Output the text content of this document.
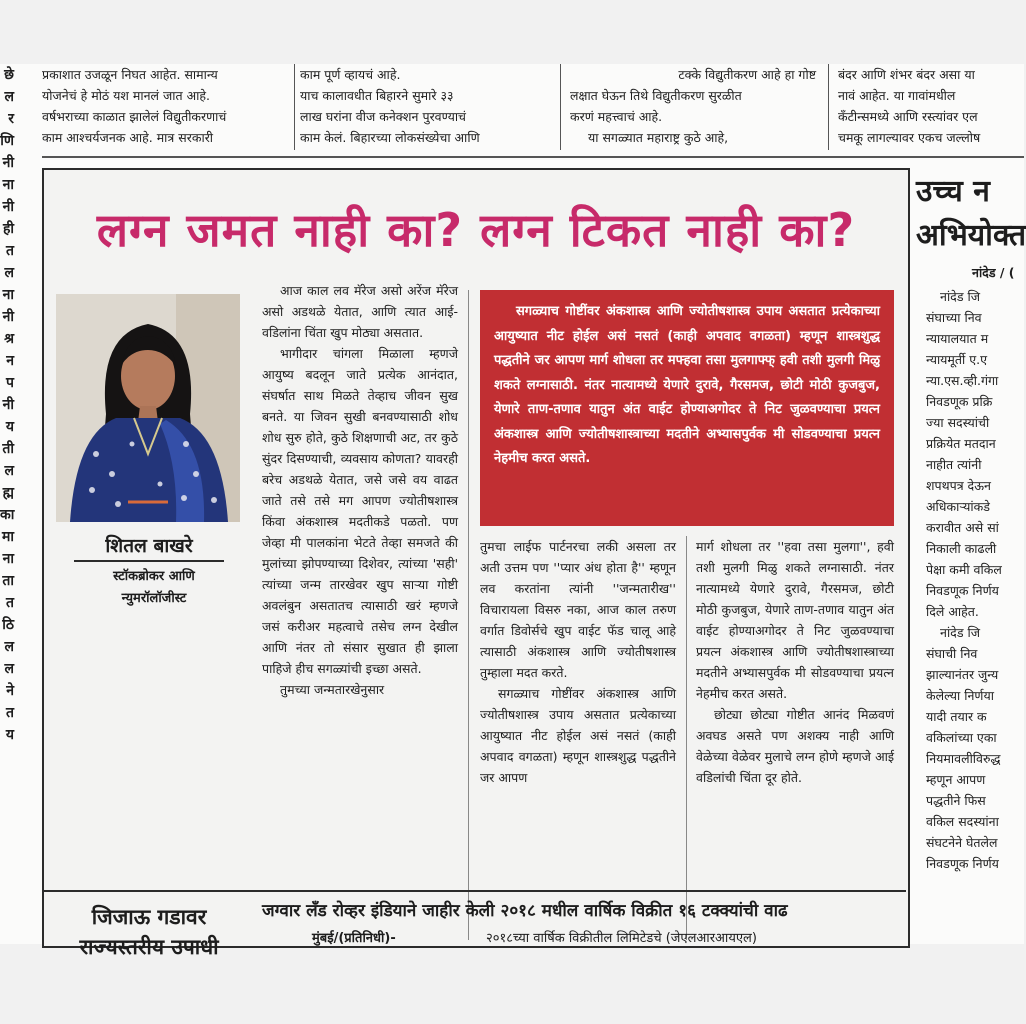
छे
ल
र
णि
नी
ना
नी
ही
त
ल
ना
नी
श्र
न
प
नी
य
ती
ल
ह्म
का
मा
ना
ता
त
ठि
ल
ल
ने
त
य
प्रकाशात उजळून निघत आहेत. सामान्य
योजनेचं हे मोठं यश मानलं जात आहे.
वर्षभराच्या काळात झालेलं विद्युतीकरणाचं
काम आश्चर्यजनक आहे. मात्र सरकारी
काम पूर्ण व्हायचं आहे.
याच कालावधीत बिहारने सुमारे ३३
लाख घरांना वीज कनेक्शन पुरवण्याचं
काम केलं. बिहारच्या लोकसंख्येचा आणि
टक्के विद्युतीकरण आहे हा गोष्ट
लक्षात घेऊन तिथे विद्युतीकरण सुरळीत
करणं महत्त्वाचं आहे.
या सगळ्यात महाराष्ट्र कुठे आहे,
बंदर आणि शंभर बंदर असा या
नावं आहेत. या गावांमधील
कँटीन्समध्ये आणि रस्त्यांवर एल
चमकू लागल्यावर एकच जल्लोष
लग्न जमत नाही का? लग्न टिकत नाही का?
शितल बाखरे
स्टॉकब्रोकर आणि
न्युमरॉलॉजीस्ट

आज काल लव मॅरेज असो अरेंज मॅरेज असो अडथळे येतात, आणि त्यात आई-वडिलांना चिंता खुप मोठ्या असतात.

भागीदार चांगला मिळाला म्हणजे आयुष्य बदलून जाते प्रत्येक आनंदात, संघर्षात साथ मिळते तेव्हाच जीवन सुख बनते. या जिवन सुखी बनवण्यासाठी शोध शोध सुरु होते, कुठे शिक्षणाची अट, तर कुठे सुंदर दिसण्याची, व्यवसाय कोणता? यावरही बरेच अडथळे येतात, जसे जसे वय वाढत जाते तसे तसे मग आपण ज्योतीषशास्त्र किंवा अंकशास्त्र मदतीकडे पळतो. पण जेव्हा मी पालकांना भेटते तेव्हा समजते की मुलांच्या झोपण्याच्या दिशेवर, त्यांच्या 'सही' त्यांच्या जन्म तारखेवर खुप साऱ्या गोष्टी अवलंबुन असतातच त्यासाठी खरं म्हणजे जसं करीअर महत्वाचे तसेच लग्न देखील आणि नंतर तो संसार सुखात ही झाला पाहिजे हीच सगळ्यांची इच्छा असते.

तुमच्या जन्मतारखेनुसार

सगळ्याच गोष्टींवर अंकशास्त्र आणि ज्योतीषशास्त्र उपाय असतात प्रत्येकाच्या आयुष्यात नीट होईल असं नसतं (काही अपवाद वगळता) म्हणून शास्त्रशुद्ध पद्धतीने जर आपण मार्ग शोधला तर मफ्हवा तसा मुलगाफ्फ् हवी तशी मुलगी मिळु शकते लग्नासाठी. नंतर नात्यामध्ये येणारे दुरावे, गैरसमज, छोटी मोठी कुजबुज, येणारे ताण-तणाव यातुन अंत वाईट होण्याअगोदर ते निट जुळवण्याचा प्रयत्न अंकशास्त्र आणि ज्योतीषशास्त्राच्या मदतीने अभ्यासपुर्वक मी सोडवण्याचा प्रयत्न नेहमीच करत असते.

तुमचा लाईफ पार्टनरचा लकी असला तर अती उत्तम पण ''प्यार अंध होता है'' म्हणून लव करतांना त्यांनी ''जन्मतारीख'' विचारायला विसरु नका, आज काल तरुण वर्गात डिवोर्सचे खुप वाईट फॅड चालू आहे त्यासाठी अंकशास्त्र आणि ज्योतीषशास्त्र तुम्हाला मदत करते.

सगळ्याच गोष्टींवर अंकशास्त्र आणि ज्योतीषशास्त्र उपाय असतात प्रत्येकाच्या आयुष्यात नीट होईल असं नसतं (काही अपवाद वगळता) म्हणून शास्त्रशुद्ध पद्धतीने जर आपण

मार्ग शोधला तर ''हवा तसा मुलगा'', हवी तशी मुलगी मिळु शकते लग्नासाठी. नंतर नात्यामध्ये येणारे दुरावे, गैरसमज, छोटी मोठी कुजबुज, येणारे ताण-तणाव यातुन अंत वाईट होण्याअगोदर ते निट जुळवण्याचा प्रयत्न अंकशास्त्र आणि ज्योतीषशास्त्राच्या मदतीने अभ्यासपुर्वक मी सोडवण्याचा प्रयत्न नेहमीच करत असते.

छोट्या छोट्या गोष्टीत आनंद मिळवणं अवघड असते पण अशक्य नाही आणि वेळेच्या वेळेवर मुलाचे लग्न होणे म्हणजे आई वडिलांची चिंता दूर होते.

उच्च न
अभियोक्त
नांदेड / (
नांदेड जि
संघाच्या निव
न्यायालयात म
न्यायमूर्ती ए.ए
न्या.एस.व्ही.गंगा
निवडणूक प्रक्रि
ज्या सदस्यांची
प्रक्रियेत मतदान
नाहीत त्यांनी
शपथपत्र देऊन
अधिकाऱ्यांकडे
करावीत असे सां
निकाली काढली
पेक्षा कमी वकिल
निवडणूक निर्णय
दिले आहेत.
नांदेड जि
संघाची निव
झाल्यानंतर जुन्य
केलेल्या निर्णया
यादी तयार क
वकिलांच्या एका
नियमावलीविरुद्ध
म्हणून आपण
पद्धतीने फिस
वकिल सदस्यांना
संघटनेने घेतलेल
निवडणूक निर्णय
जिजाऊ गडावर
राज्यस्तरीय उपाधी
जग्वार लँड रोव्हर इंडियाने जाहीर केली २०१८ मधील वार्षिक विक्रीत १६ टक्क्यांची वाढ
मुंबई/(प्रतिनिधी)-	२०१८च्या वार्षिक विक्रीतील लिमिटेडचे (जेएलआरआयएल)
